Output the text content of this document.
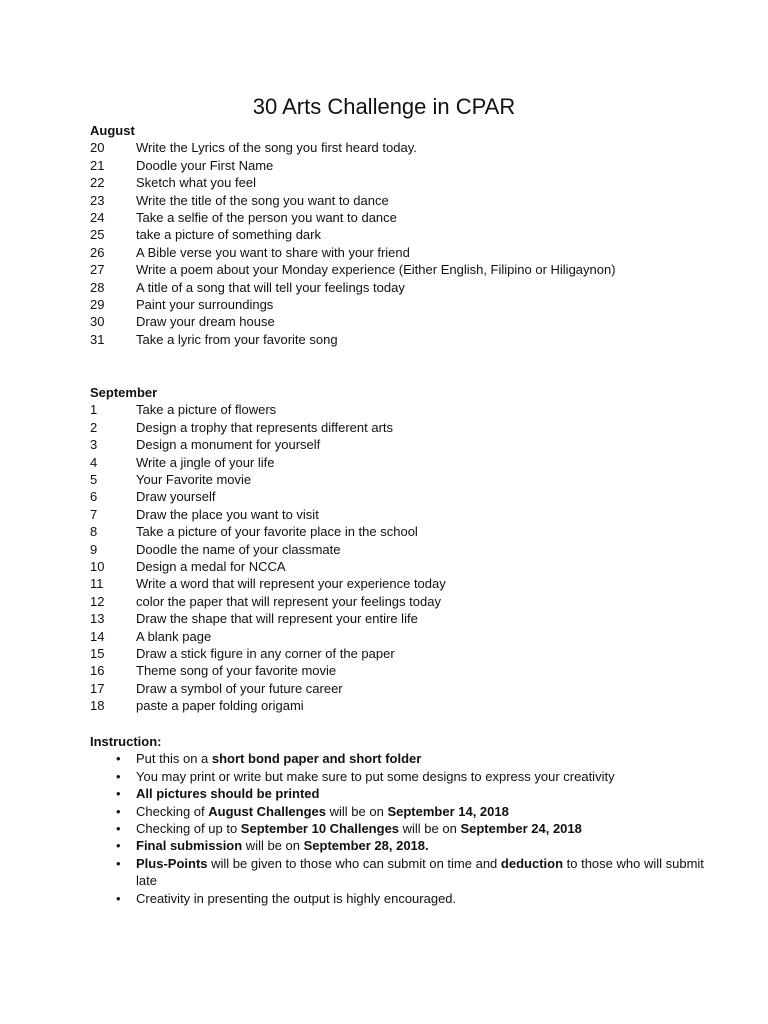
30 Arts Challenge in CPAR
August
20	Write the Lyrics of the song you first heard today.
21	Doodle your First Name
22	Sketch what you feel
23	Write the title of the song you want to dance
24	Take a selfie of the person you want to dance
25	take a picture of something dark
26	A Bible verse you want to share with your friend
27	Write a poem about your Monday experience (Either English, Filipino or Hiligaynon)
28	A title of a song that will tell your feelings today
29	Paint your surroundings
30	Draw your dream house
31	Take a lyric from your favorite song
September
1	Take a picture of flowers
2	Design a trophy that represents different arts
3	Design a monument for yourself
4	Write a jingle of your life
5	Your Favorite movie
6	Draw yourself
7	Draw the place you want to visit
8	Take a picture of your favorite place in the school
9	Doodle the name of your classmate
10	Design a medal for NCCA
11	Write a word that will represent your experience today
12	color the paper that will represent your feelings today
13	Draw the shape that will represent your entire life
14	A blank page
15	Draw a stick figure in any corner of the paper
16	Theme song of your favorite movie
17	Draw a symbol of your future career
18	paste a paper folding origami
Instruction:
•	Put this on a short bond paper and short folder
•	You may print or write but make sure to put some designs to express your creativity
•	All pictures should be printed
•	Checking of August Challenges will be on September 14, 2018
•	Checking of up to September 10 Challenges will be on September 24, 2018
•	Final submission will be on September 28, 2018.
•	Plus-Points will be given to those who can submit on time and deduction to those who will submit late
•	Creativity in presenting the output is highly encouraged.
